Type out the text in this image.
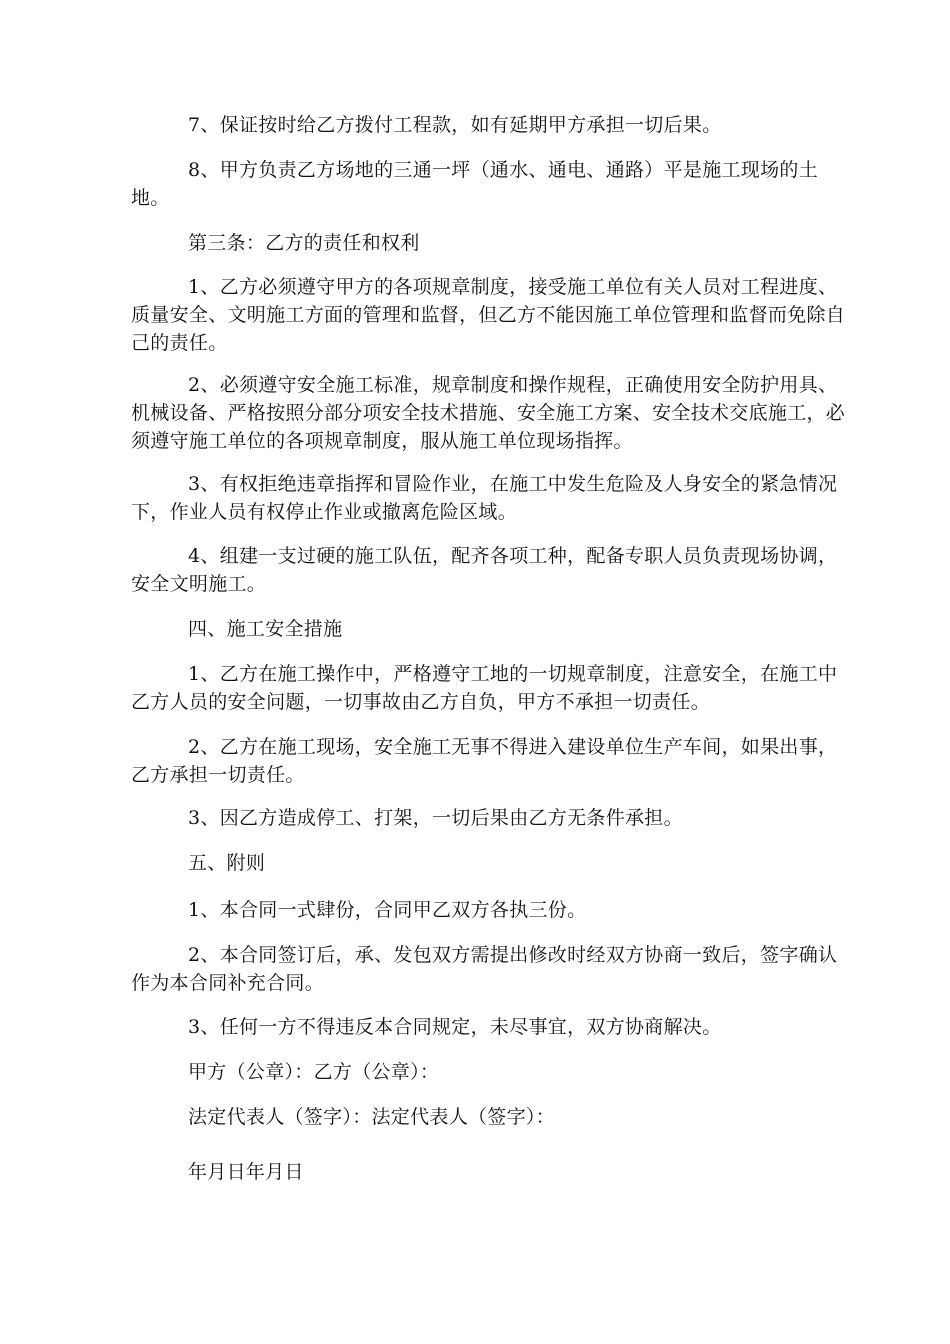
7、保证按时给乙方拨付工程款，如有延期甲方承担一切后果。

8、甲方负责乙方场地的三通一坪（通水、通电、通路）平是施工现场的土地。

第三条：乙方的责任和权利

1、乙方必须遵守甲方的各项规章制度，接受施工单位有关人员对工程进度、质量安全、文明施工方面的管理和监督，但乙方不能因施工单位管理和监督而免除自己的责任。

2、必须遵守安全施工标准，规章制度和操作规程，正确使用安全防护用具、机械设备、严格按照分部分项安全技术措施、安全施工方案、安全技术交底施工，必须遵守施工单位的各项规章制度，服从施工单位现场指挥。

3、有权拒绝违章指挥和冒险作业，在施工中发生危险及人身安全的紧急情况下，作业人员有权停止作业或撤离危险区域。

4、组建一支过硬的施工队伍，配齐各项工种，配备专职人员负责现场协调，安全文明施工。

四、施工安全措施

1、乙方在施工操作中，严格遵守工地的一切规章制度，注意安全，在施工中乙方人员的安全问题，一切事故由乙方自负，甲方不承担一切责任。

2、乙方在施工现场，安全施工无事不得进入建设单位生产车间，如果出事，乙方承担一切责任。

3、因乙方造成停工、打架，一切后果由乙方无条件承担。

五、附则

1、本合同一式肆份，合同甲乙双方各执三份。

2、本合同签订后，承、发包双方需提出修改时经双方协商一致后，签字确认作为本合同补充合同。

3、任何一方不得违反本合同规定，未尽事宜，双方协商解决。

甲方（公章）：乙方（公章）：

法定代表人（签字）：法定代表人（签字）：

年月日年月日
